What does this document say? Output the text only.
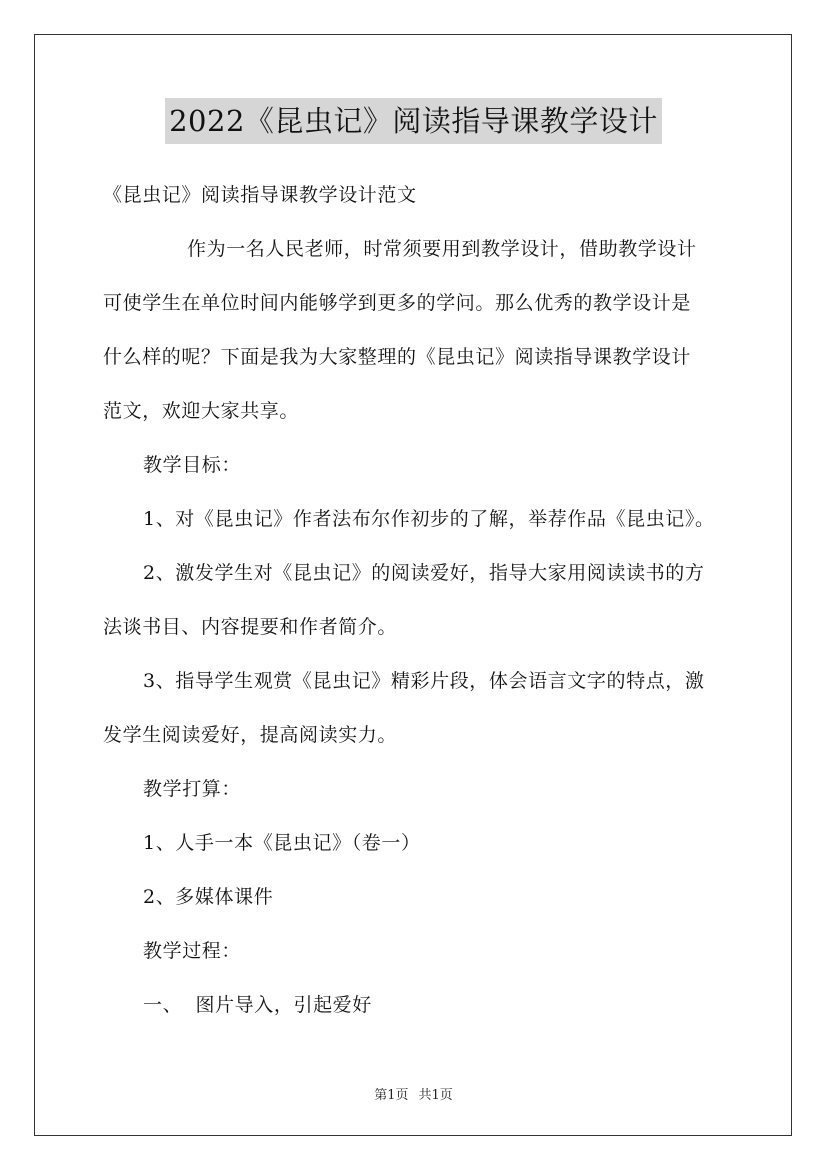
2022《昆虫记》阅读指导课教学设计
《昆虫记》阅读指导课教学设计范文
作为一名人民老师，时常须要用到教学设计，借助教学设计
可使学生在单位时间内能够学到更多的学问。那么优秀的教学设计是
什么样的呢？下面是我为大家整理的《昆虫记》阅读指导课教学设计
范文，欢迎大家共享。
教学目标：
1、对《昆虫记》作者法布尔作初步的了解，举荐作品《昆虫记》。
2、激发学生对《昆虫记》的阅读爱好，指导大家用阅读读书的方
法谈书目、内容提要和作者简介。
3、指导学生观赏《昆虫记》精彩片段，体会语言文字的特点，激
发学生阅读爱好，提高阅读实力。
教学打算：
1、人手一本《昆虫记》（卷一）
2、多媒体课件
教学过程：
一、  图片导入，引起爱好
第1页 共1页
